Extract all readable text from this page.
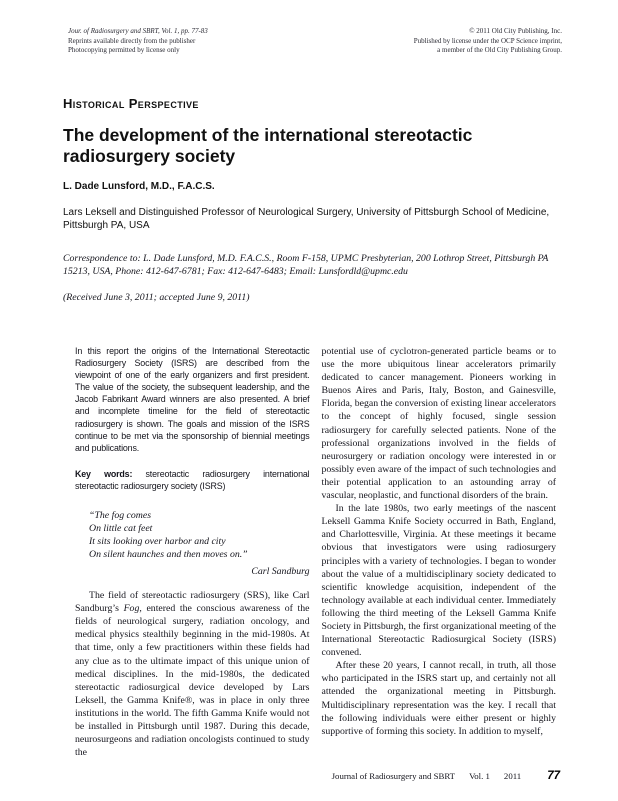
Jour. of Radiosurgery and SBRT, Vol. 1, pp. 77-83
Reprints available directly from the publisher
Photocopying permitted by license only
© 2011 Old City Publishing, Inc.
Published by license under the OCP Science imprint,
a member of the Old City Publishing Group.
Historical Perspective
The development of the international stereotactic radiosurgery society
L. Dade Lunsford, M.D., F.A.C.S.
Lars Leksell and Distinguished Professor of Neurological Surgery, University of Pittsburgh School of Medicine, Pittsburgh PA, USA
Correspondence to: L. Dade Lunsford, M.D. F.A.C.S., Room F-158, UPMC Presbyterian, 200 Lothrop Street, Pittsburgh PA 15213, USA, Phone: 412-647-6781; Fax: 412-647-6483; Email: Lunsfordld@upmc.edu
(Received June 3, 2011; accepted June 9, 2011)

In this report the origins of the International Stereotactic Radiosurgery Society (ISRS) are described from the viewpoint of one of the early organizers and first president. The value of the society, the subsequent leadership, and the Jacob Fabrikant Award winners are also presented. A brief and incomplete timeline for the field of stereotactic radiosurgery is shown. The goals and mission of the ISRS continue to be met via the sponsorship of biennial meetings and publications.

Key words: stereotactic radiosurgery international stereotactic radiosurgery society (ISRS)

“The fog comes
On little cat feet
It sits looking over harbor and city
On silent haunches and then moves on.”
Carl Sandburg

The field of stereotactic radiosurgery (SRS), like Carl Sandburg’s Fog, entered the conscious awareness of the fields of neurological surgery, radiation oncology, and medical physics stealthily beginning in the mid-1980s. At that time, only a few practitioners within these fields had any clue as to the ultimate impact of this unique union of medical disciplines. In the mid-1980s, the dedicated stereotactic radiosurgical device developed by Lars Leksell, the Gamma Knife®, was in place in only three institutions in the world. The fifth Gamma Knife would not be installed in Pittsburgh until 1987. During this decade, neurosurgeons and radiation oncologists continued to study the

potential use of cyclotron-generated particle beams or to use the more ubiquitous linear accelerators primarily dedicated to cancer management. Pioneers working in Buenos Aires and Paris, Italy, Boston, and Gainesville, Florida, began the conversion of existing linear accelerators to the concept of highly focused, single session radiosurgery for carefully selected patients. None of the professional organizations involved in the fields of neurosurgery or radiation oncology were interested in or possibly even aware of the impact of such technologies and their potential application to an astounding array of vascular, neoplastic, and functional disorders of the brain.

In the late 1980s, two early meetings of the nascent Leksell Gamma Knife Society occurred in Bath, England, and Charlottesville, Virginia. At these meetings it became obvious that investigators were using radiosurgery principles with a variety of technologies. I began to wonder about the value of a multidisciplinary society dedicated to scientific knowledge acquisition, independent of the technology available at each individual center. Immediately following the third meeting of the Leksell Gamma Knife Society in Pittsburgh, the first organizational meeting of the International Stereotactic Radiosurgical Society (ISRS) convened.

After these 20 years, I cannot recall, in truth, all those who participated in the ISRS start up, and certainly not all attended the organizational meeting in Pittsburgh. Multidisciplinary representation was the key. I recall that the following individuals were either present or highly supportive of forming this society. In addition to myself,

Journal of Radiosurgery and SBRT Vol. 1 2011 77
